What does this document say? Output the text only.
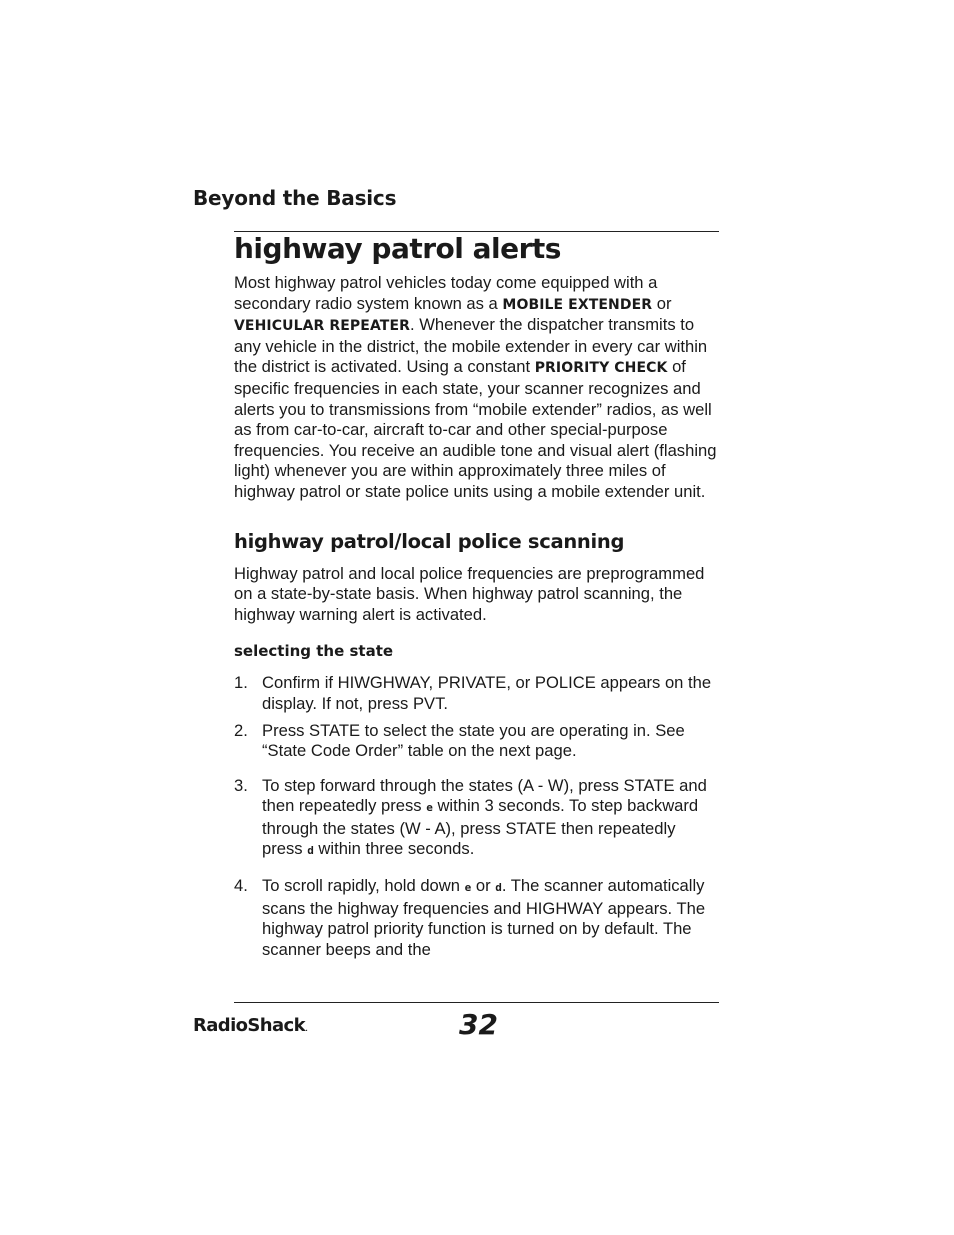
Beyond the Basics
highway patrol alerts

Most highway patrol vehicles today come equipped with a secondary radio system known as a MOBILE EXTENDER or VEHICULAR REPEATER. Whenever the dispatcher transmits to any vehicle in the district, the mobile extender in every car within the district is activated. Using a constant PRIORITY CHECK of specific frequencies in each state, your scanner recognizes and alerts you to transmissions from “mobile extender” radios, as well as from car-to-car, aircraft to-car and other special-purpose frequencies. You receive an audible tone and visual alert (flashing light) whenever you are within approximately three miles of highway patrol or state police units using a mobile extender unit.

highway patrol/local police scanning

Highway patrol and local police frequencies are preprogrammed on a state-by-state basis. When highway patrol scanning, the highway warning alert is activated.

selecting the state
1. Confirm if HIWGHWAY, PRIVATE, or POLICE appears on the display. If not, press PVT.
2. Press STATE to select the state you are operating in. See “State Code Order” table on the next page.
3. To step forward through the states (A - W), press STATE and then repeatedly press e within 3 seconds. To step backward through the states (W - A), press STATE then repeatedly press d within three seconds.
4. To scroll rapidly, hold down e or d. The scanner automatically scans the highway frequencies and HIGHWAY appears. The highway patrol priority function is turned on by default. The scanner beeps and the
RadioShack.	32
